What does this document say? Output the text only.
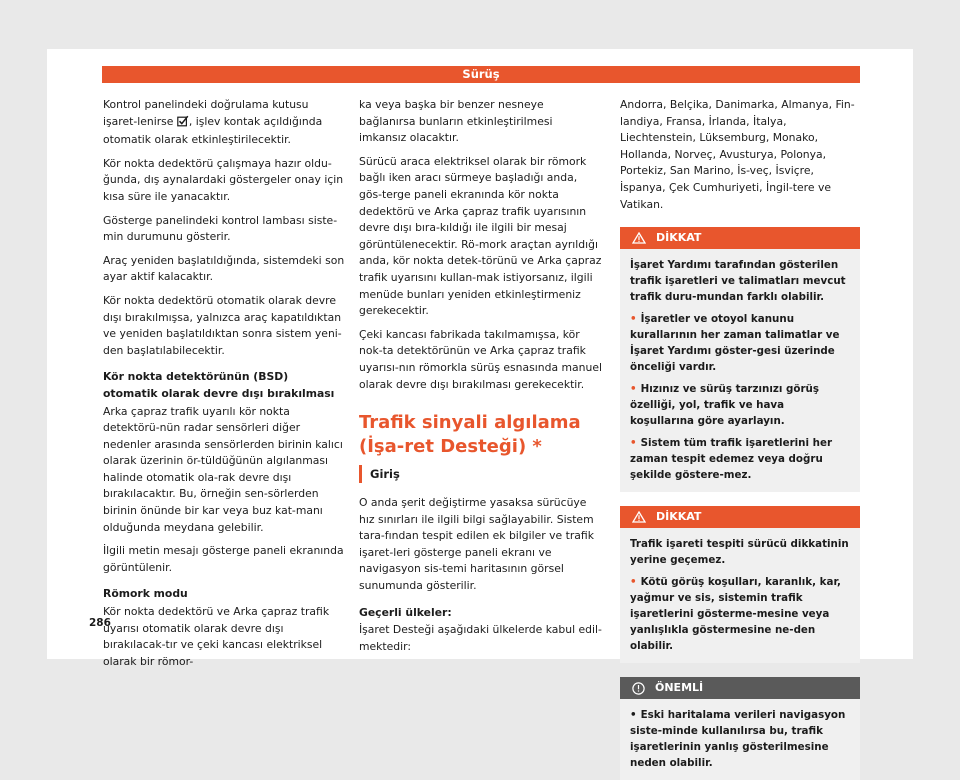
Sürüş

Kontrol panelindeki doğrulama kutusu işaret-lenirse , işlev kontak açıldığında otomatik olarak etkinleştirilecektir.

Kör nokta dedektörü çalışmaya hazır oldu-ğunda, dış aynalardaki göstergeler onay için kısa süre ile yanacaktır.

Gösterge panelindeki kontrol lambası siste-min durumunu gösterir.

Araç yeniden başlatıldığında, sistemdeki son ayar aktif kalacaktır.

Kör nokta dedektörü otomatik olarak devre dışı bırakılmışsa, yalnızca araç kapatıldıktan ve yeniden başlatıldıktan sonra sistem yeni-den başlatılabilecektir.

Kör nokta detektörünün (BSD) otomatik olarak devre dışı bırakılması

Arka çapraz trafik uyarılı kör nokta detektörü-nün radar sensörleri diğer nedenler arasında sensörlerden birinin kalıcı olarak üzerinin ör-tüldüğünün algılanması halinde otomatik ola-rak devre dışı bırakılacaktır. Bu, örneğin sen-sörlerden birinin önünde bir kar veya buz kat-manı olduğunda meydana gelebilir.

İlgili metin mesajı gösterge paneli ekranında görüntülenir.

Römork modu

Kör nokta dedektörü ve Arka çapraz trafik uyarısı otomatik olarak devre dışı bırakılacak-tır ve çeki kancası elektriksel olarak bir römor-

ka veya başka bir benzer nesneye bağlanırsa bunların etkinleştirilmesi imkansız olacaktır.

Sürücü araca elektriksel olarak bir römork bağlı iken aracı sürmeye başladığı anda, gös-terge paneli ekranında kör nokta dedektörü ve Arka çapraz trafik uyarısının devre dışı bıra-kıldığı ile ilgili bir mesaj görüntülenecektir. Rö-mork araçtan ayrıldığı anda, kör nokta detek-törünü ve Arka çapraz trafik uyarısını kullan-mak istiyorsanız, ilgili menüde bunları yeniden etkinleştirmeniz gerekecektir.

Çeki kancası fabrikada takılmamışsa, kör nok-ta detektörünün ve Arka çapraz trafik uyarısı-nın römorkla sürüş esnasında manuel olarak devre dışı bırakılması gerekecektir.

Trafik sinyali algılama (İşa-ret Desteği) *
Giriş

O anda şerit değiştirme yasaksa sürücüye hız sınırları ile ilgili bilgi sağlayabilir. Sistem tara-fından tespit edilen ek bilgiler ve trafik işaret-leri gösterge paneli ekranı ve navigasyon sis-temi haritasının görsel sunumunda gösterilir.

Geçerli ülkeler:

İşaret Desteği aşağıdaki ülkelerde kabul edil-mektedir:

Andorra, Belçika, Danimarka, Almanya, Fin-landiya, Fransa, İrlanda, İtalya, Liechtenstein, Lüksemburg, Monako, Hollanda, Norveç, Avusturya, Polonya, Portekiz, San Marino, İs-veç, İsviçre, İspanya, Çek Cumhuriyeti, İngil-tere ve Vatikan.

DİKKAT

İşaret Yardımı tarafından gösterilen trafik işaretleri ve talimatları mevcut trafik duru-mundan farklı olabilir.

• İşaretler ve otoyol kanunu kurallarının her zaman talimatlar ve İşaret Yardımı göster-gesi üzerinde önceliği vardır.

• Hızınız ve sürüş tarzınızı görüş özelliği, yol, trafik ve hava koşullarına göre ayarlayın.

• Sistem tüm trafik işaretlerini her zaman tespit edemez veya doğru şekilde göstere-mez.

DİKKAT

Trafik işareti tespiti sürücü dikkatinin yerine geçemez.

• Kötü görüş koşulları, karanlık, kar, yağmur ve sis, sistemin trafik işaretlerini gösterme-mesine veya yanlışlıkla göstermesine ne-den olabilir.

ÖNEMLİ

• Eski haritalama verileri navigasyon siste-minde kullanılırsa bu, trafik işaretlerinin yanlış gösterilmesine neden olabilir.

286
